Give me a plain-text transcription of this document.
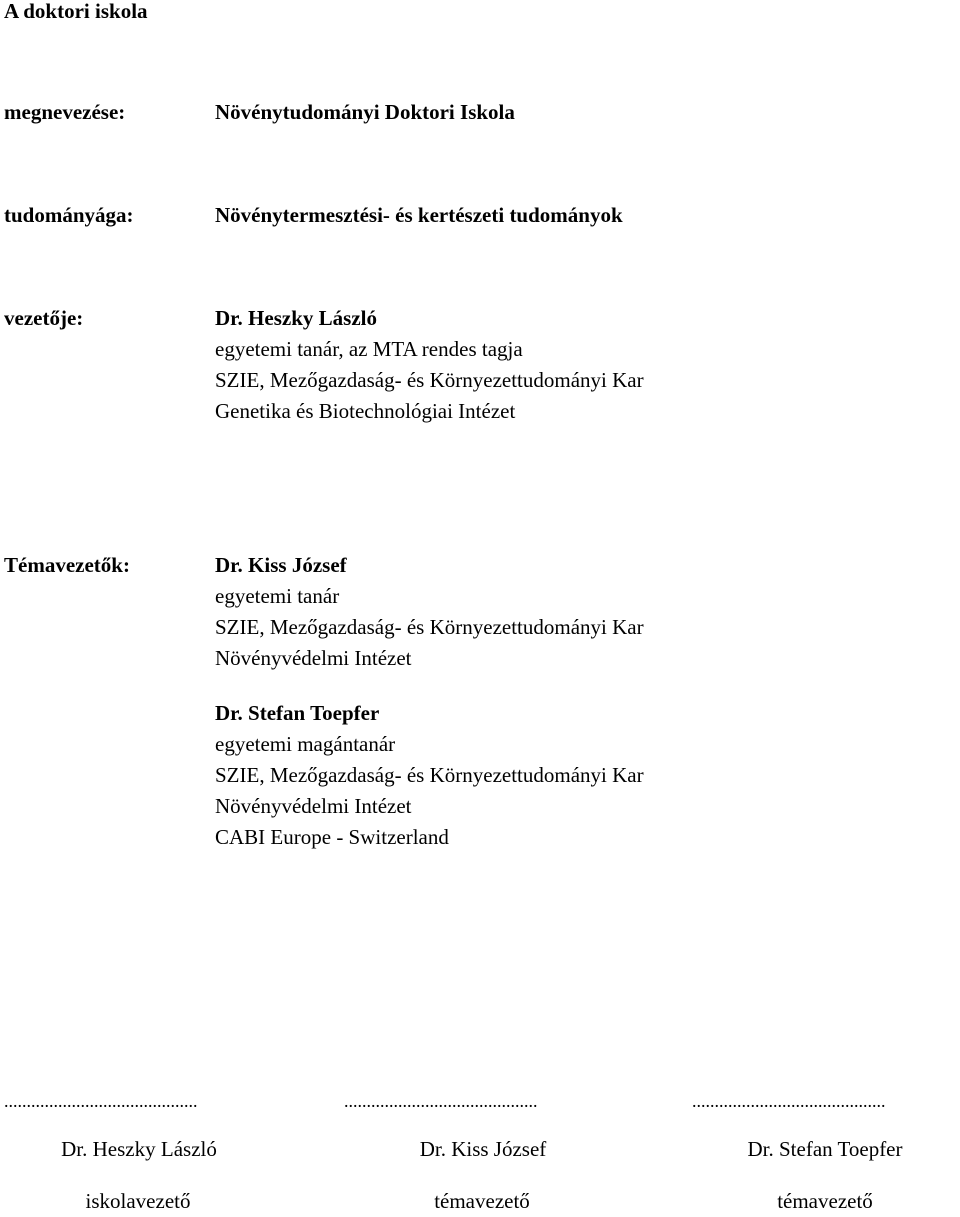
A doktori iskola
megnevezése:	Növénytudományi Doktori Iskola
tudományága:	Növénytermesztési- és kertészeti tudományok
vezetője:	Dr. Heszky László
egyetemi tanár, az MTA rendes tagja
SZIE, Mezőgazdaság- és Környezettudományi Kar
Genetika és Biotechnológiai Intézet
Témavezetők:	Dr. Kiss József
egyetemi tanár
SZIE, Mezőgazdaság- és Környezettudományi Kar
Növényvédelmi Intézet
Dr. Stefan Toepfer
egyetemi magántanár
SZIE, Mezőgazdaság- és Környezettudományi Kar
Növényvédelmi Intézet
CABI Europe - Switzerland
...........................................	...........................................	...........................................
Dr. Heszky László	Dr. Kiss József	Dr. Stefan Toepfer
iskolavezető	témavezető	témavezető
